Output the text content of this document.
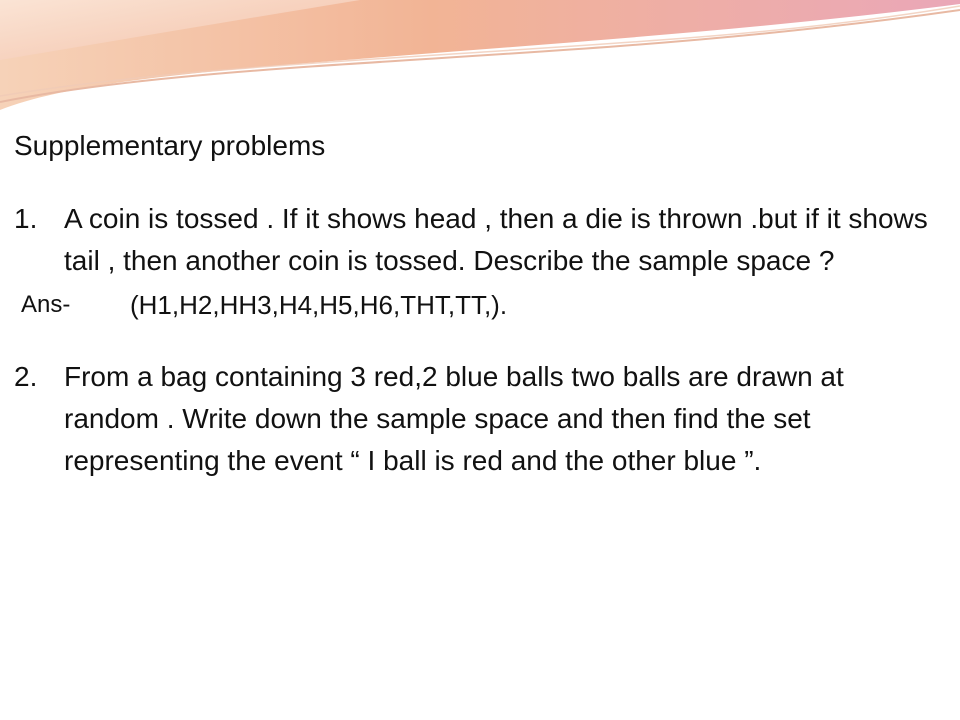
Supplementary problems
1. A coin is tossed . If it shows head , then a die is thrown .but if it shows tail , then another coin is tossed. Describe the sample space ?
Ans-	(H1,H2,HH3,H4,H5,H6,THT,TT,).
2. From a bag containing 3 red,2 blue balls two balls are drawn at random . Write down the sample space and then find the set representing the event “ I ball is red and the other blue ”.
